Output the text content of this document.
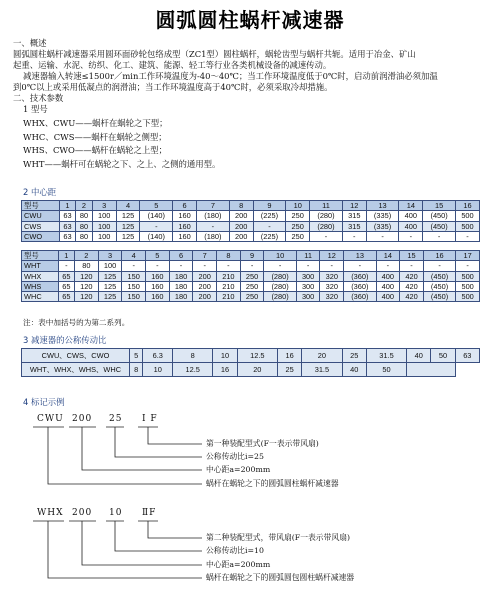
圆弧圆柱蜗杆减速器
一、概述
圆弧圆柱蜗杆减速器采用圆环面砂轮包络成型（ZC1型）圆柱蜗杆，蜗轮齿型与蜗杆共轭。适用于冶金、矿山
起重、运输、水泥、纺织、化工、建筑、能源、轻工等行业各类机械设备的减速传动。
减速器输入转速≤1500r／min工作环境温度为-40～40℃；当工作环境温度低于0℃时，启动前润滑油必须加温
到0℃以上或采用低凝点的润滑油；当工作环境温度高于40℃时，必须采取冷却措施。
二、技术参数
1 型号
WHX、CWU——蜗杆在蜗轮之下型；
WHC、CWS——蜗杆在蜗轮之侧型；
WHS、CWO——蜗杆在蜗轮之上型；
WHT——蜗杆可在蜗轮之下、之上、之侧的通用型。
2 中心距
型号	1	2	3	4	5	6	7	8	9	10	11	12	13	14	15	16
CWU	63	80	100	125	(140)	160	(180)	200	(225)	250	(280)	315	(335)	400	(450)	500
CWS	63	80	100	125	-	160	-	200	-	250	(280)	315	(335)	400	(450)	500
CWO	63	80	100	125	(140)	160	(180)	200	(225)	250	-	-	-	-	-	-
型号	1	2	3	4	5	6	7	8	9	10	11	12	13	14	15	16	17
WHT	-	80	100	-	-	-	-	-	-	-	-	-	-	-	-	-	-
WHX	65	120	125	150	160	180	200	210	250	(280)	300	320	(360)	400	420	(450)	500
WHS	65	120	125	150	160	180	200	210	250	(280)	300	320	(360)	400	420	(450)	500
WHC	65	120	125	150	160	180	200	210	250	(280)	300	320	(360)	400	420	(450)	500
注：表中加括号的为第二系列。
3 减速器的公称传动比
CWU、CWS、CWO	5	6.3	8	10	12.5	16	20	25	31.5	40	50	63
WHT、WHX、WHS、WHC	8	10	12.5	16	20	25	31.5	40	50			
4 标记示例
CWU 200 25 I F
第一种装配型式(F一表示带风扇)
公称传动比i=25
中心距a=200mm
蜗杆在蜗轮之下的圆弧圆柱蜗杆减速器
WHX 200 10 ⅡF
第二种装配型式，带风扇(F一表示带风扇)
公称传动比i=10
中心距a=200mm
蜗杆在蜗轮之下的圆弧圆包圆柱蜗杆减速器
